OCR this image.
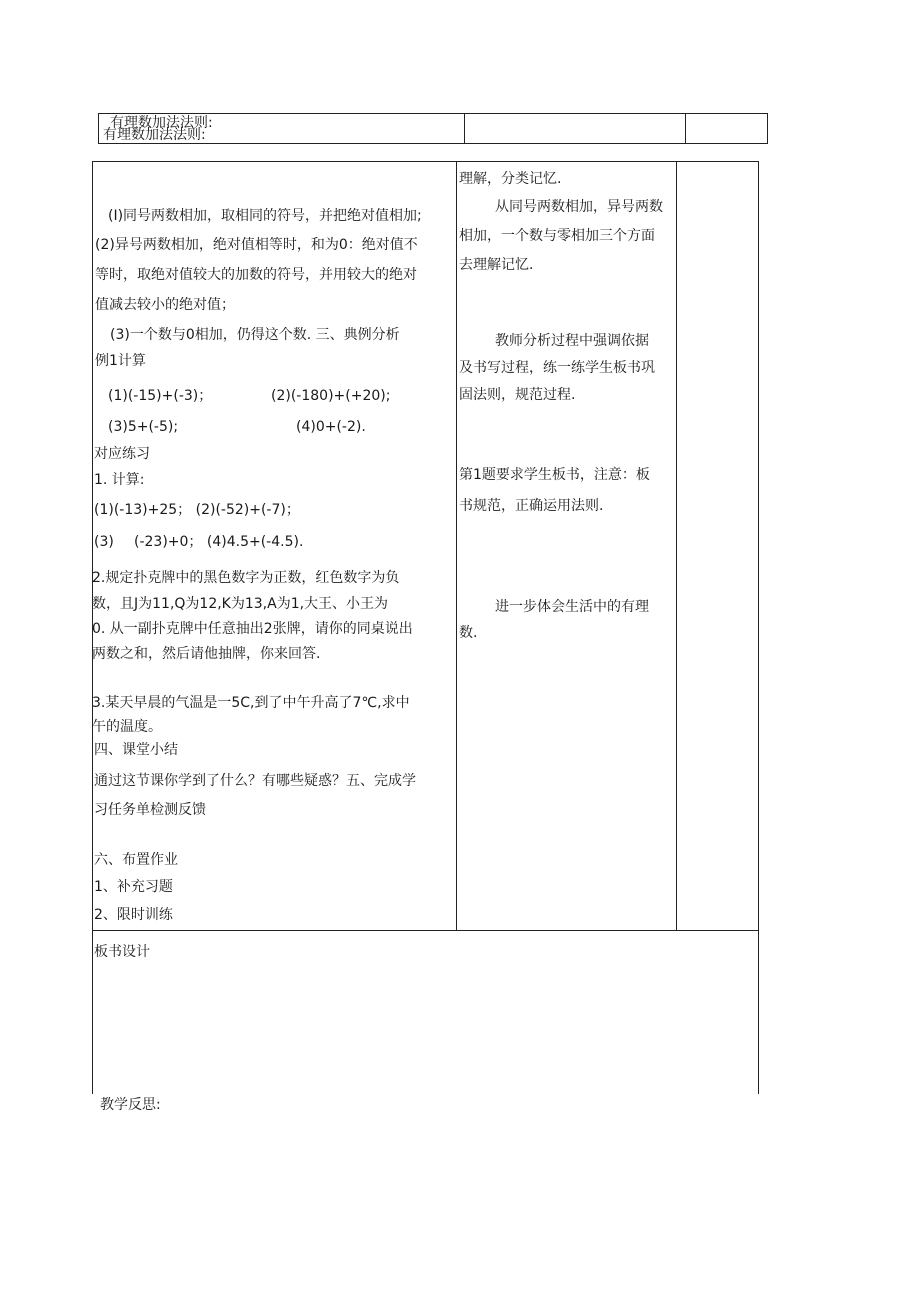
有理数加法法则:
有理数加法法则:
(I)同号两数相加，取相同的符号，并把绝对值相加;
(2)异号两数相加，绝对值相等时，和为0：绝对值不
等时，取绝对值较大的加数的符号，并用较大的绝对
值减去较小的绝对值；
(3)一个数与0相加，仍得这个数. 三、典例分析
例1计算
(1)(-15)+(-3)；	(2)(-180)+(+20);
(3)5+(-5);	(4)0+(-2).
对应练习
1. 计算:
(1)(-13)+25； (2)(-52)+(-7)；
(3) (-23)+0； (4)4.5+(-4.5).
2.规定扑克牌中的黑色数字为正数，红色数字为负
数，且J为11,Q为12,K为13,A为1,大王、小王为
0. 从一副扑克牌中任意抽出2张牌，请你的同桌说出
两数之和，然后请他抽牌，你来回答.
3.某天早晨的气温是一5C,到了中午升高了7℃,求中
午的温度。
四、课堂小结
通过这节课你学到了什么？有哪些疑惑？五、完成学
习任务单检测反馈
六、布置作业
1、补充习题
2、限时训练
理解，分类记忆.
从同号两数相加，异号两数
相加，一个数与零相加三个方面
去理解记忆.
教师分析过程中强调依据
及书写过程，练一练学生板书巩
固法则，规范过程.
第1题要求学生板书，注意：板
书规范，正确运用法则.
进一步体会生活中的有理
数.
板书设计
教学反思:
